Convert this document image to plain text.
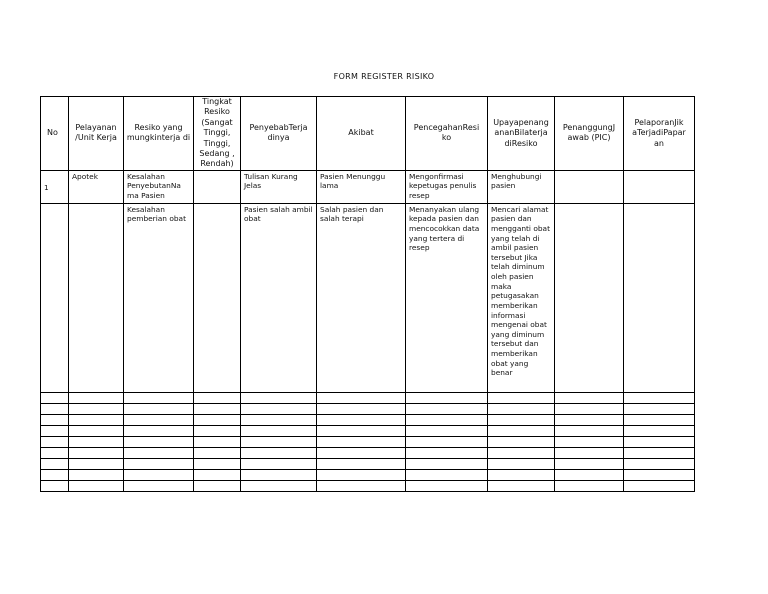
FORM REGISTER RISIKO
No	Pelayanan /Unit Kerja	Resiko yang mungkinterja di	Tingkat Resiko (Sangat Tinggi, Tinggi, Sedang , Rendah)	PenyebabTerja dinya	Akibat	PencegahanResi ko	Upayapenang ananBilaterja diResiko	PenanggungJ awab (PIC)	PelaporanJik aTerjadiPapar an
1	Apotek	Kesalahan PenyebutanNa ma Pasien		Tulisan Kurang Jelas	Pasien Menunggu lama	Mengonfirmasi kepetugas penulis resep	Menghubungi pasien		
		Kesalahan pemberian obat		Pasien salah ambil obat	Salah pasien dan salah terapi	Menanyakan ulang kepada pasien dan mencocokkan data yang tertera di resep	Mencari alamat pasien dan mengganti obat yang telah di ambil pasien tersebut Jika telah diminum oleh pasien maka petugasakan memberikan informasi mengenai obat yang diminum tersebut dan memberikan obat yang benar		
